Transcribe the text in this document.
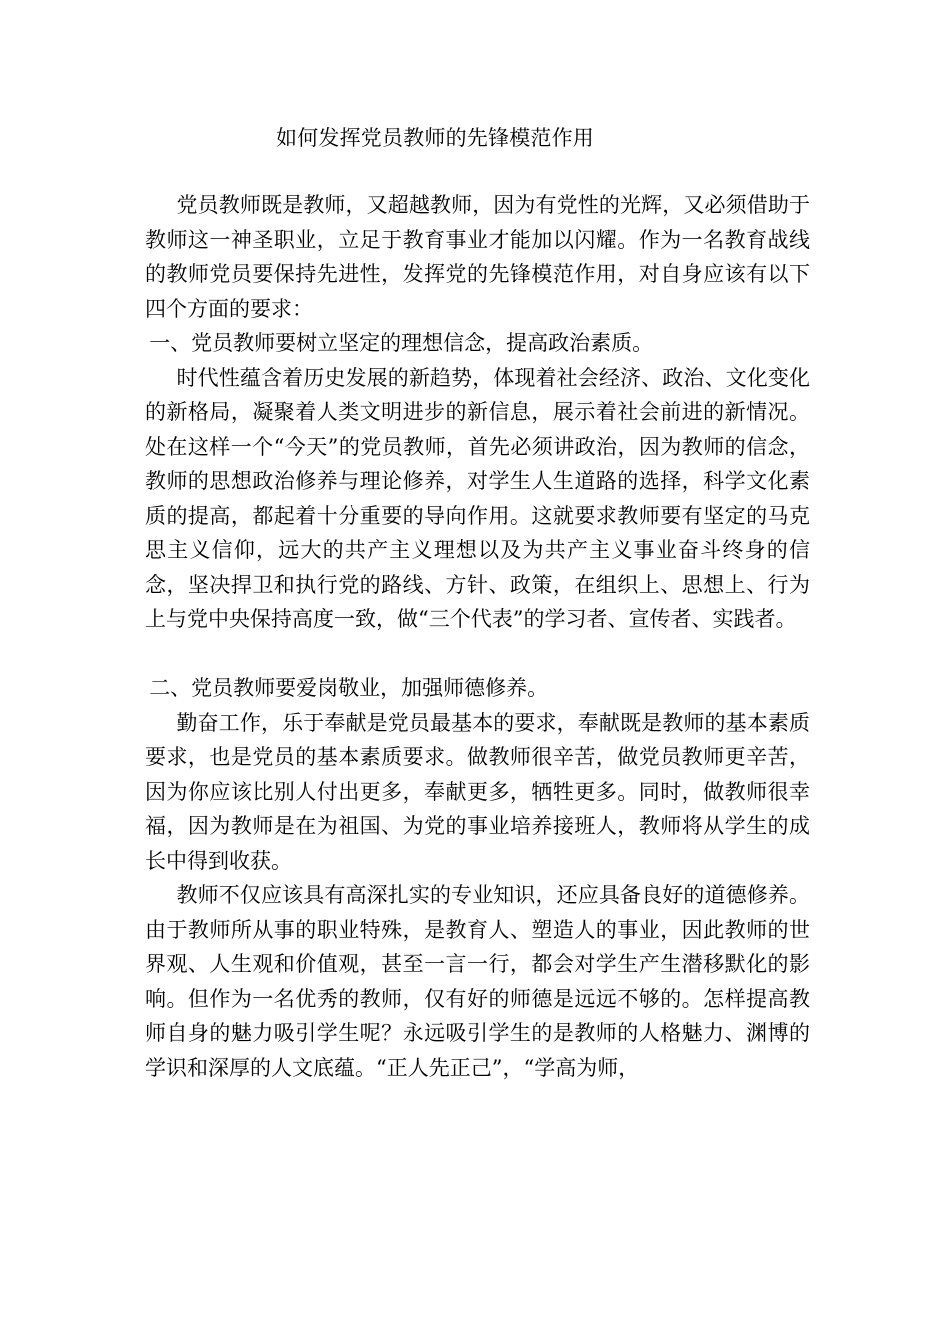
如何发挥党员教师的先锋模范作用

党员教师既是教师，又超越教师，因为有党性的光辉，又必须借助于教师这一神圣职业，立足于教育事业才能加以闪耀。作为一名教育战线的教师党员要保持先进性，发挥党的先锋模范作用，对自身应该有以下四个方面的要求：

一、党员教师要树立坚定的理想信念，提高政治素质。

时代性蕴含着历史发展的新趋势，体现着社会经济、政治、文化变化的新格局，凝聚着人类文明进步的新信息，展示着社会前进的新情况。处在这样一个“今天”的党员教师，首先必须讲政治，因为教师的信念，教师的思想政治修养与理论修养，对学生人生道路的选择，科学文化素质的提高，都起着十分重要的导向作用。这就要求教师要有坚定的马克思主义信仰，远大的共产主义理想以及为共产主义事业奋斗终身的信念，坚决捍卫和执行党的路线、方针、政策，在组织上、思想上、行为上与党中央保持高度一致，做“三个代表”的学习者、宣传者、实践者。

二、党员教师要爱岗敬业，加强师德修养。

勤奋工作，乐于奉献是党员最基本的要求，奉献既是教师的基本素质要求，也是党员的基本素质要求。做教师很辛苦，做党员教师更辛苦，因为你应该比别人付出更多，奉献更多，牺牲更多。同时，做教师很幸福，因为教师是在为祖国、为党的事业培养接班人，教师将从学生的成长中得到收获。

教师不仅应该具有高深扎实的专业知识，还应具备良好的道德修养。由于教师所从事的职业特殊，是教育人、塑造人的事业，因此教师的世界观、人生观和价值观，甚至一言一行，都会对学生产生潜移默化的影响。但作为一名优秀的教师，仅有好的师德是远远不够的。怎样提高教师自身的魅力吸引学生呢？永远吸引学生的是教师的人格魅力、渊博的学识和深厚的人文底蕴。“正人先正己”，“学高为师，
